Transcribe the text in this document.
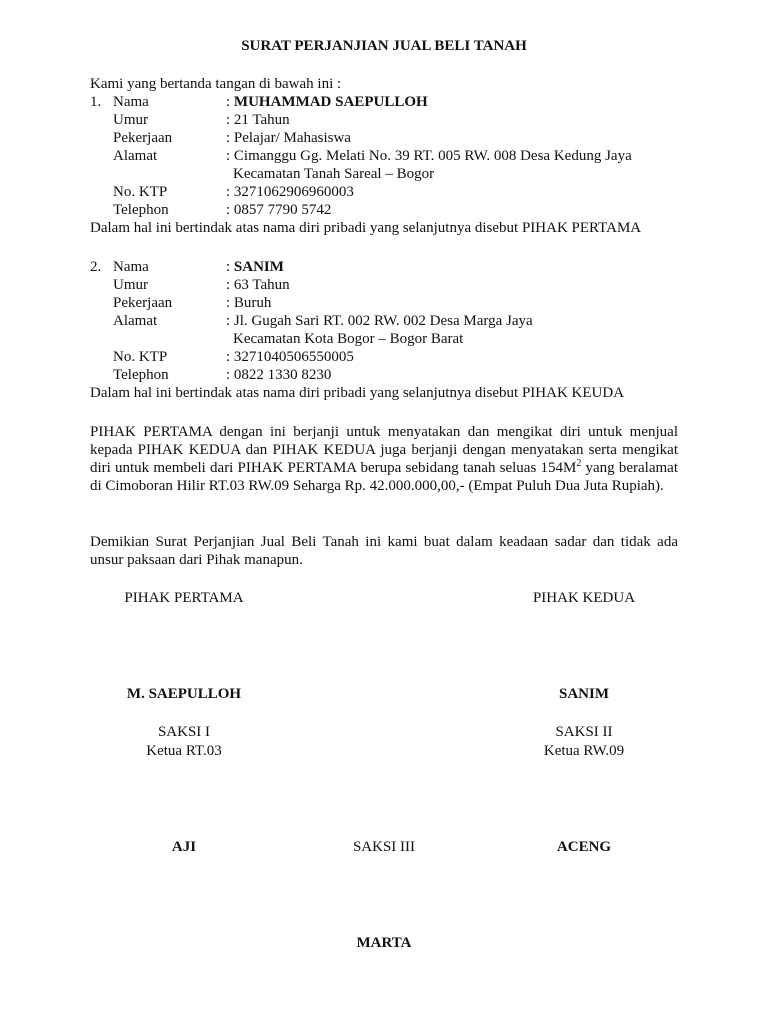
SURAT PERJANJIAN JUAL BELI TANAH
Kami yang bertanda tangan di bawah ini :
1. Nama	: MUHAMMAD SAEPULLOH
Umur	: 21 Tahun
Pekerjaan	: Pelajar/ Mahasiswa
Alamat	: Cimanggu Gg. Melati No. 39 RT. 005 RW. 008 Desa Kedung Jaya
Kecamatan Tanah Sareal – Bogor
No. KTP	: 3271062906960003
Telephon	: 0857 7790 5742
Dalam hal ini bertindak atas nama diri pribadi yang selanjutnya disebut PIHAK PERTAMA
2. Nama	: SANIM
Umur	: 63 Tahun
Pekerjaan	: Buruh
Alamat	: Jl. Gugah Sari RT. 002 RW. 002 Desa Marga Jaya
Kecamatan Kota Bogor – Bogor Barat
No. KTP	: 3271040506550005
Telephon	: 0822 1330 8230
Dalam hal ini bertindak atas nama diri pribadi yang selanjutnya disebut PIHAK KEUDA
PIHAK PERTAMA dengan ini berjanji untuk menyatakan dan mengikat diri untuk menjual kepada PIHAK KEDUA dan PIHAK KEDUA juga berjanji dengan menyatakan serta mengikat diri untuk membeli dari PIHAK PERTAMA berupa sebidang tanah seluas $154M^2$ yang beralamat di Cimoboran Hilir RT.03 RW.09 Seharga Rp. 42.000.000,00,- (Empat Puluh Dua Juta Rupiah).
Demikian Surat Perjanjian Jual Beli Tanah ini kami buat dalam keadaan sadar dan tidak ada unsur paksaan dari Pihak manapun.
PIHAK PERTAMA	PIHAK KEDUA
M. SAEPULLOH	SANIM
SAKSI I
Ketua RT.03
SAKSI II
Ketua RW.09
AJI	SAKSI III	ACENG
MARTA
